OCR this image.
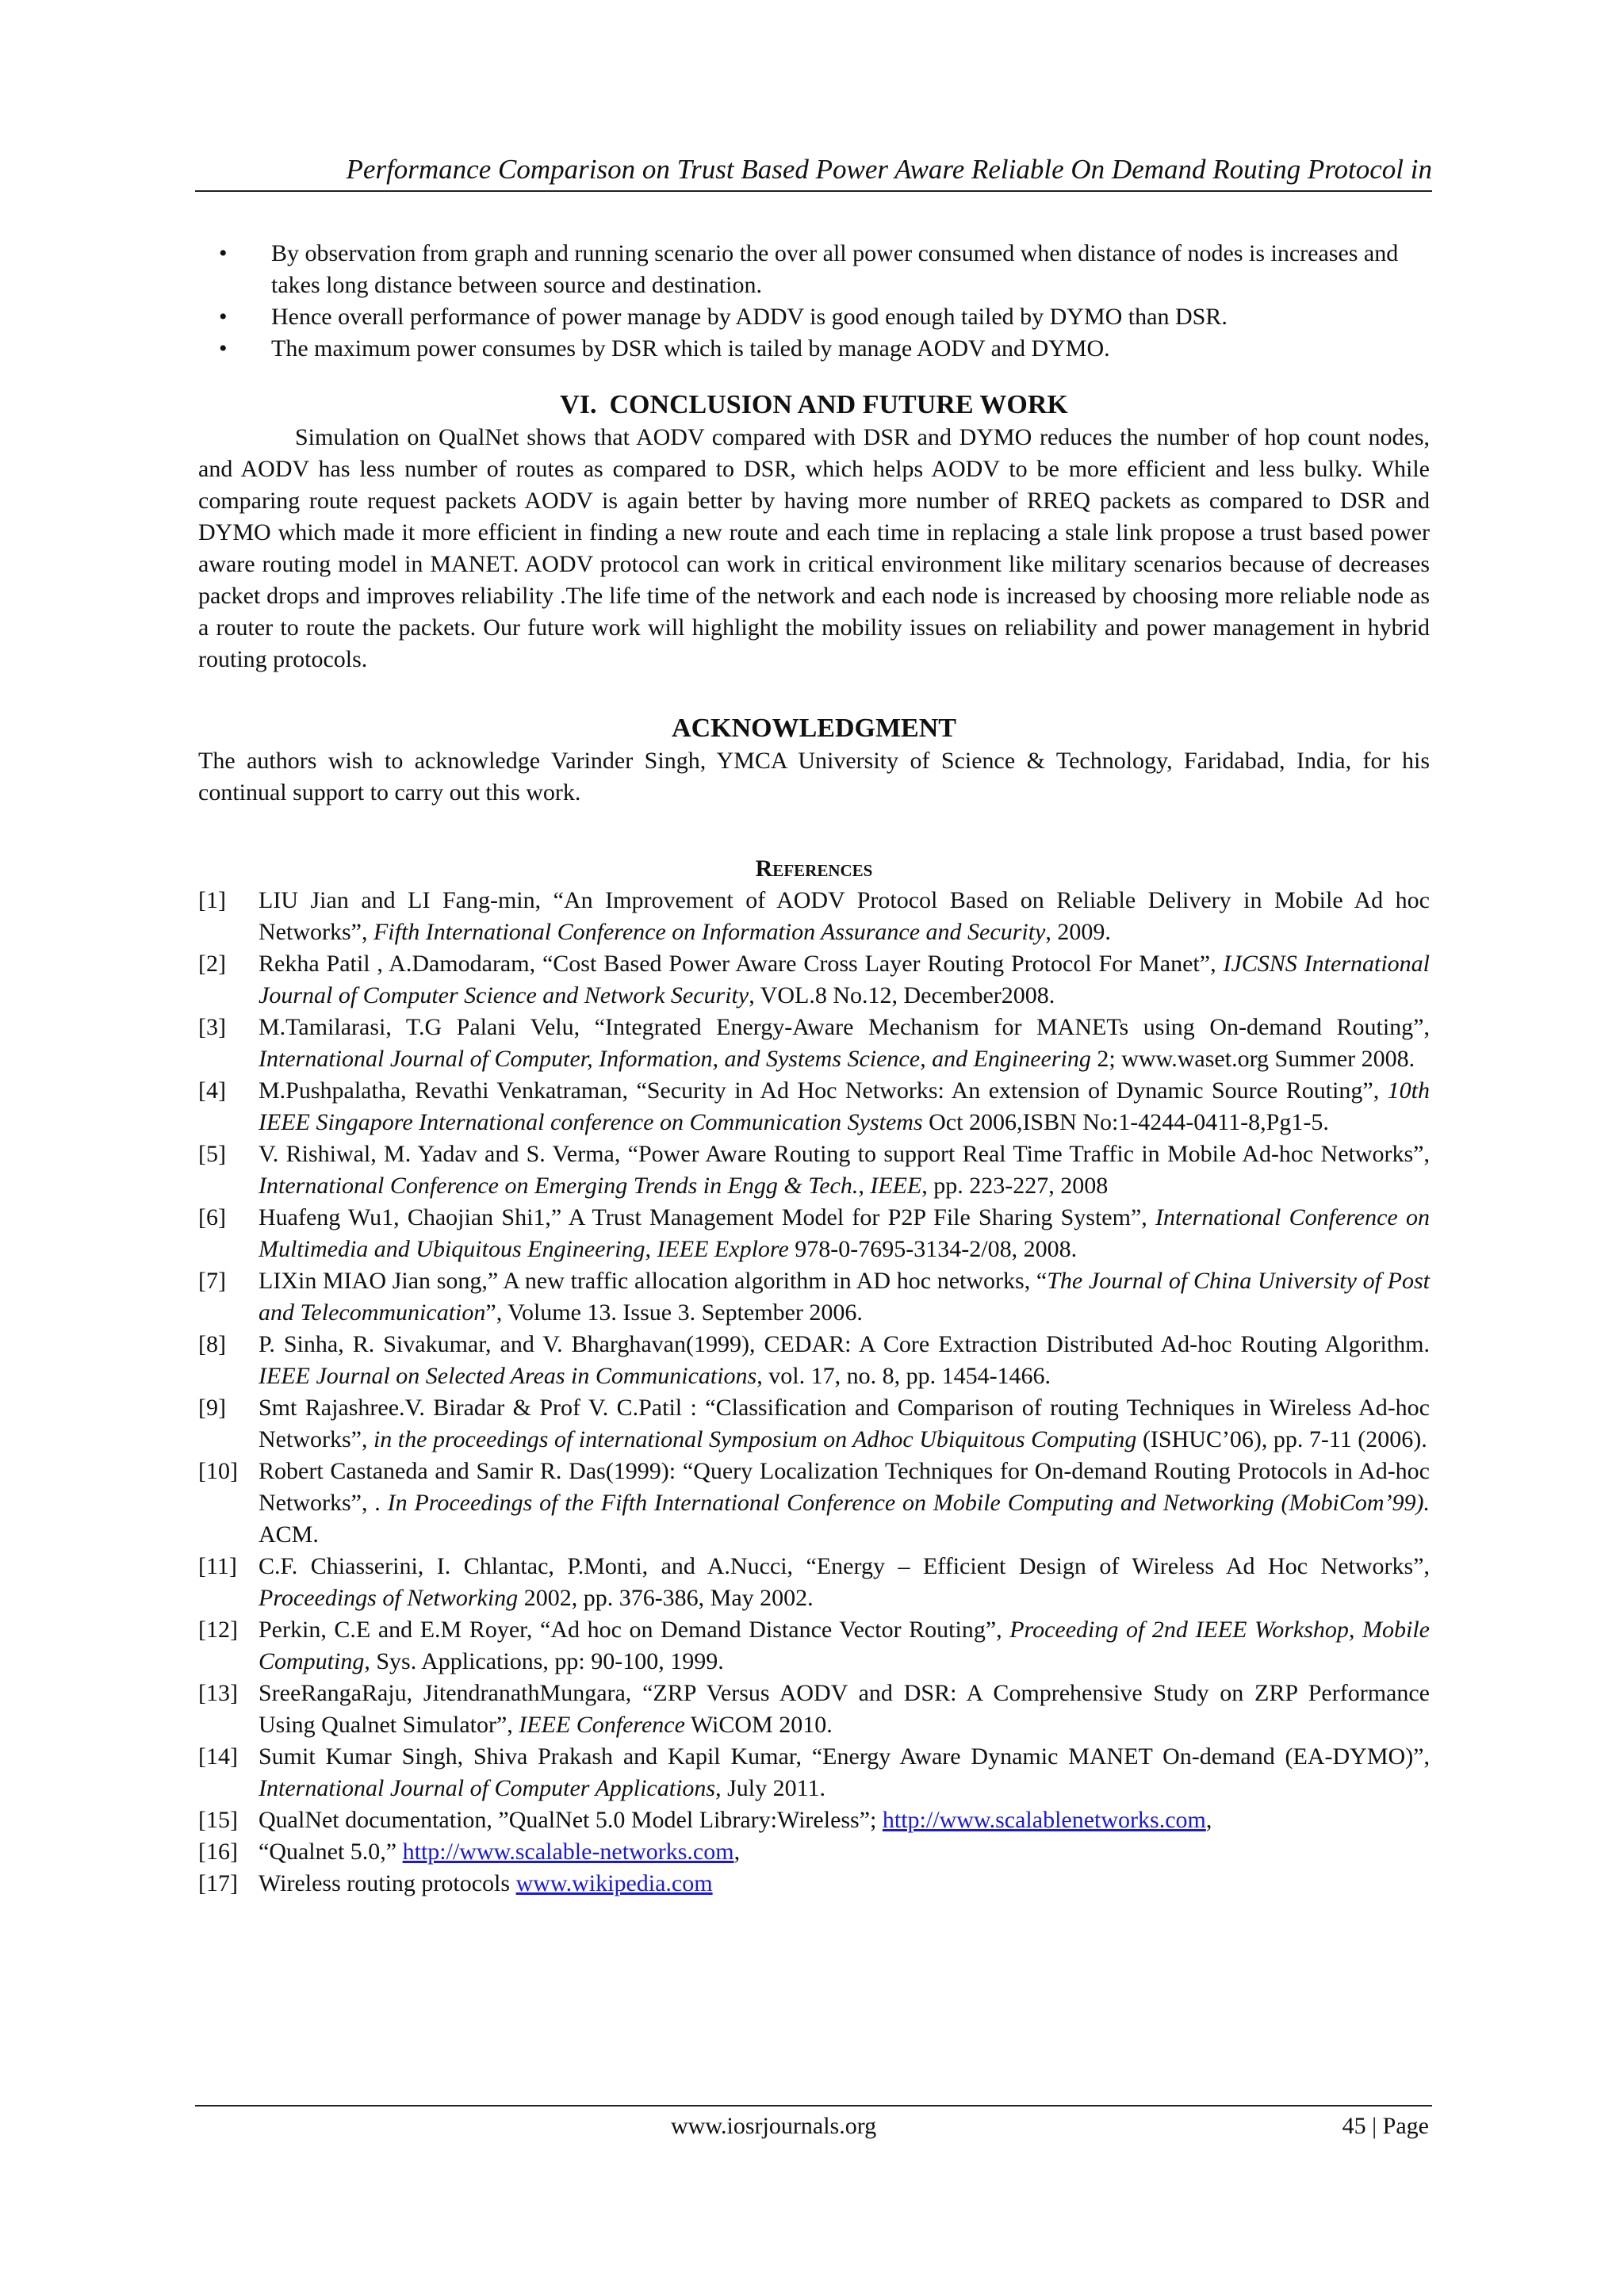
Performance Comparison on Trust Based Power Aware Reliable On Demand Routing Protocol in
• By observation from graph and running scenario the over all power consumed when distance of nodes is increases and takes long distance between source and destination.
• Hence overall performance of power manage by ADDV is good enough tailed by DYMO than DSR.
• The maximum power consumes by DSR which is tailed by manage AODV and DYMO.
VI. CONCLUSION AND FUTURE WORK

Simulation on QualNet shows that AODV compared with DSR and DYMO reduces the number of hop count nodes, and AODV has less number of routes as compared to DSR, which helps AODV to be more efficient and less bulky. While comparing route request packets AODV is again better by having more number of RREQ packets as compared to DSR and DYMO which made it more efficient in finding a new route and each time in replacing a stale link propose a trust based power aware routing model in MANET. AODV protocol can work in critical environment like military scenarios because of decreases packet drops and improves reliability .The life time of the network and each node is increased by choosing more reliable node as a router to route the packets. Our future work will highlight the mobility issues on reliability and power management in hybrid routing protocols.

ACKNOWLEDGMENT

The authors wish to acknowledge Varinder Singh, YMCA University of Science & Technology, Faridabad, India, for his continual support to carry out this work.

References
[1] LIU Jian and LI Fang-min, “An Improvement of AODV Protocol Based on Reliable Delivery in Mobile Ad hoc Networks”, Fifth International Conference on Information Assurance and Security, 2009.
[2] Rekha Patil , A.Damodaram, “Cost Based Power Aware Cross Layer Routing Protocol For Manet”, IJCSNS International Journal of Computer Science and Network Security, VOL.8 No.12, December2008.
[3] M.Tamilarasi, T.G Palani Velu, “Integrated Energy-Aware Mechanism for MANETs using On-demand Routing”, International Journal of Computer, Information, and Systems Science, and Engineering 2; www.waset.org Summer 2008.
[4] M.Pushpalatha, Revathi Venkatraman, “Security in Ad Hoc Networks: An extension of Dynamic Source Routing”, 10th IEEE Singapore International conference on Communication Systems Oct 2006,ISBN No:1-4244-0411-8,Pg1-5.
[5] V. Rishiwal, M. Yadav and S. Verma, “Power Aware Routing to support Real Time Traffic in Mobile Ad-hoc Networks”, International Conference on Emerging Trends in Engg & Tech., IEEE, pp. 223-227, 2008
[6] Huafeng Wu1, Chaojian Shi1,” A Trust Management Model for P2P File Sharing System”, International Conference on Multimedia and Ubiquitous Engineering, IEEE Explore 978-0-7695-3134-2/08, 2008.
[7] LIXin MIAO Jian song,” A new traffic allocation algorithm in AD hoc networks, “The Journal of China University of Post and Telecommunication”, Volume 13. Issue 3. September 2006.
[8] P. Sinha, R. Sivakumar, and V. Bharghavan(1999), CEDAR: A Core Extraction Distributed Ad-hoc Routing Algorithm. IEEE Journal on Selected Areas in Communications, vol. 17, no. 8, pp. 1454-1466.
[9] Smt Rajashree.V. Biradar & Prof V. C.Patil : “Classification and Comparison of routing Techniques in Wireless Ad-hoc Networks”, in the proceedings of international Symposium on Adhoc Ubiquitous Computing (ISHUC’06), pp. 7-11 (2006).
[10] Robert Castaneda and Samir R. Das(1999): “Query Localization Techniques for On-demand Routing Protocols in Ad-hoc Networks”, . In Proceedings of the Fifth International Conference on Mobile Computing and Networking (MobiCom’99). ACM.
[11] C.F. Chiasserini, I. Chlantac, P.Monti, and A.Nucci, “Energy – Efficient Design of Wireless Ad Hoc Networks”, Proceedings of Networking 2002, pp. 376-386, May 2002.
[12] Perkin, C.E and E.M Royer, “Ad hoc on Demand Distance Vector Routing”, Proceeding of 2nd IEEE Workshop, Mobile Computing, Sys. Applications, pp: 90-100, 1999.
[13] SreeRangaRaju, JitendranathMungara, “ZRP Versus AODV and DSR: A Comprehensive Study on ZRP Performance Using Qualnet Simulator”, IEEE Conference WiCOM 2010.
[14] Sumit Kumar Singh, Shiva Prakash and Kapil Kumar, “Energy Aware Dynamic MANET On-demand (EA-DYMO)”, International Journal of Computer Applications, July 2011.
[15] QualNet documentation, ”QualNet 5.0 Model Library:Wireless”; http://www.scalablenetworks.com,
[16] “Qualnet 5.0,” http://www.scalable-networks.com,
[17] Wireless routing protocols www.wikipedia.com
www.iosrjournals.org	45 | Page
